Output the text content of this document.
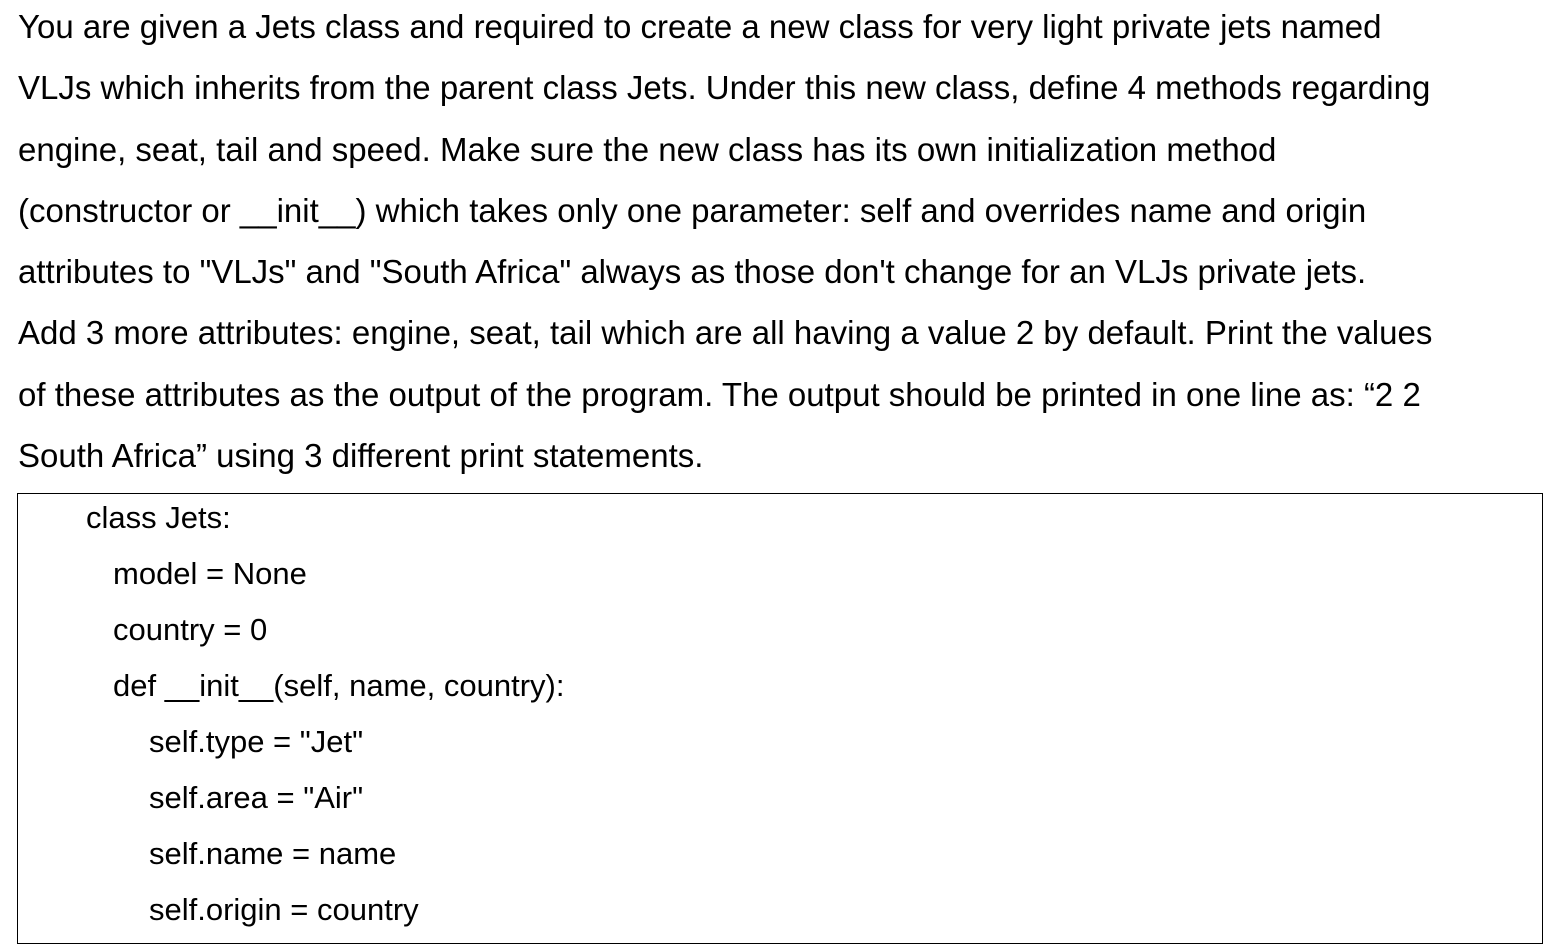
You are given a Jets class and required to create a new class for very light private jets named
VLJs which inherits from the parent class Jets. Under this new class, define 4 methods regarding
engine, seat, tail and speed. Make sure the new class has its own initialization method
(constructor or __init__) which takes only one parameter: self and overrides name and origin
attributes to "VLJs" and "South Africa" always as those don't change for an VLJs private jets.
Add 3 more attributes: engine, seat, tail which are all having a value 2 by default. Print the values
of these attributes as the output of the program. The output should be printed in one line as: “2 2
South Africa” using 3 different print statements.
class Jets:
model = None
country = 0
def __init__(self, name, country):
self.type = "Jet"
self.area = "Air"
self.name = name
self.origin = country
